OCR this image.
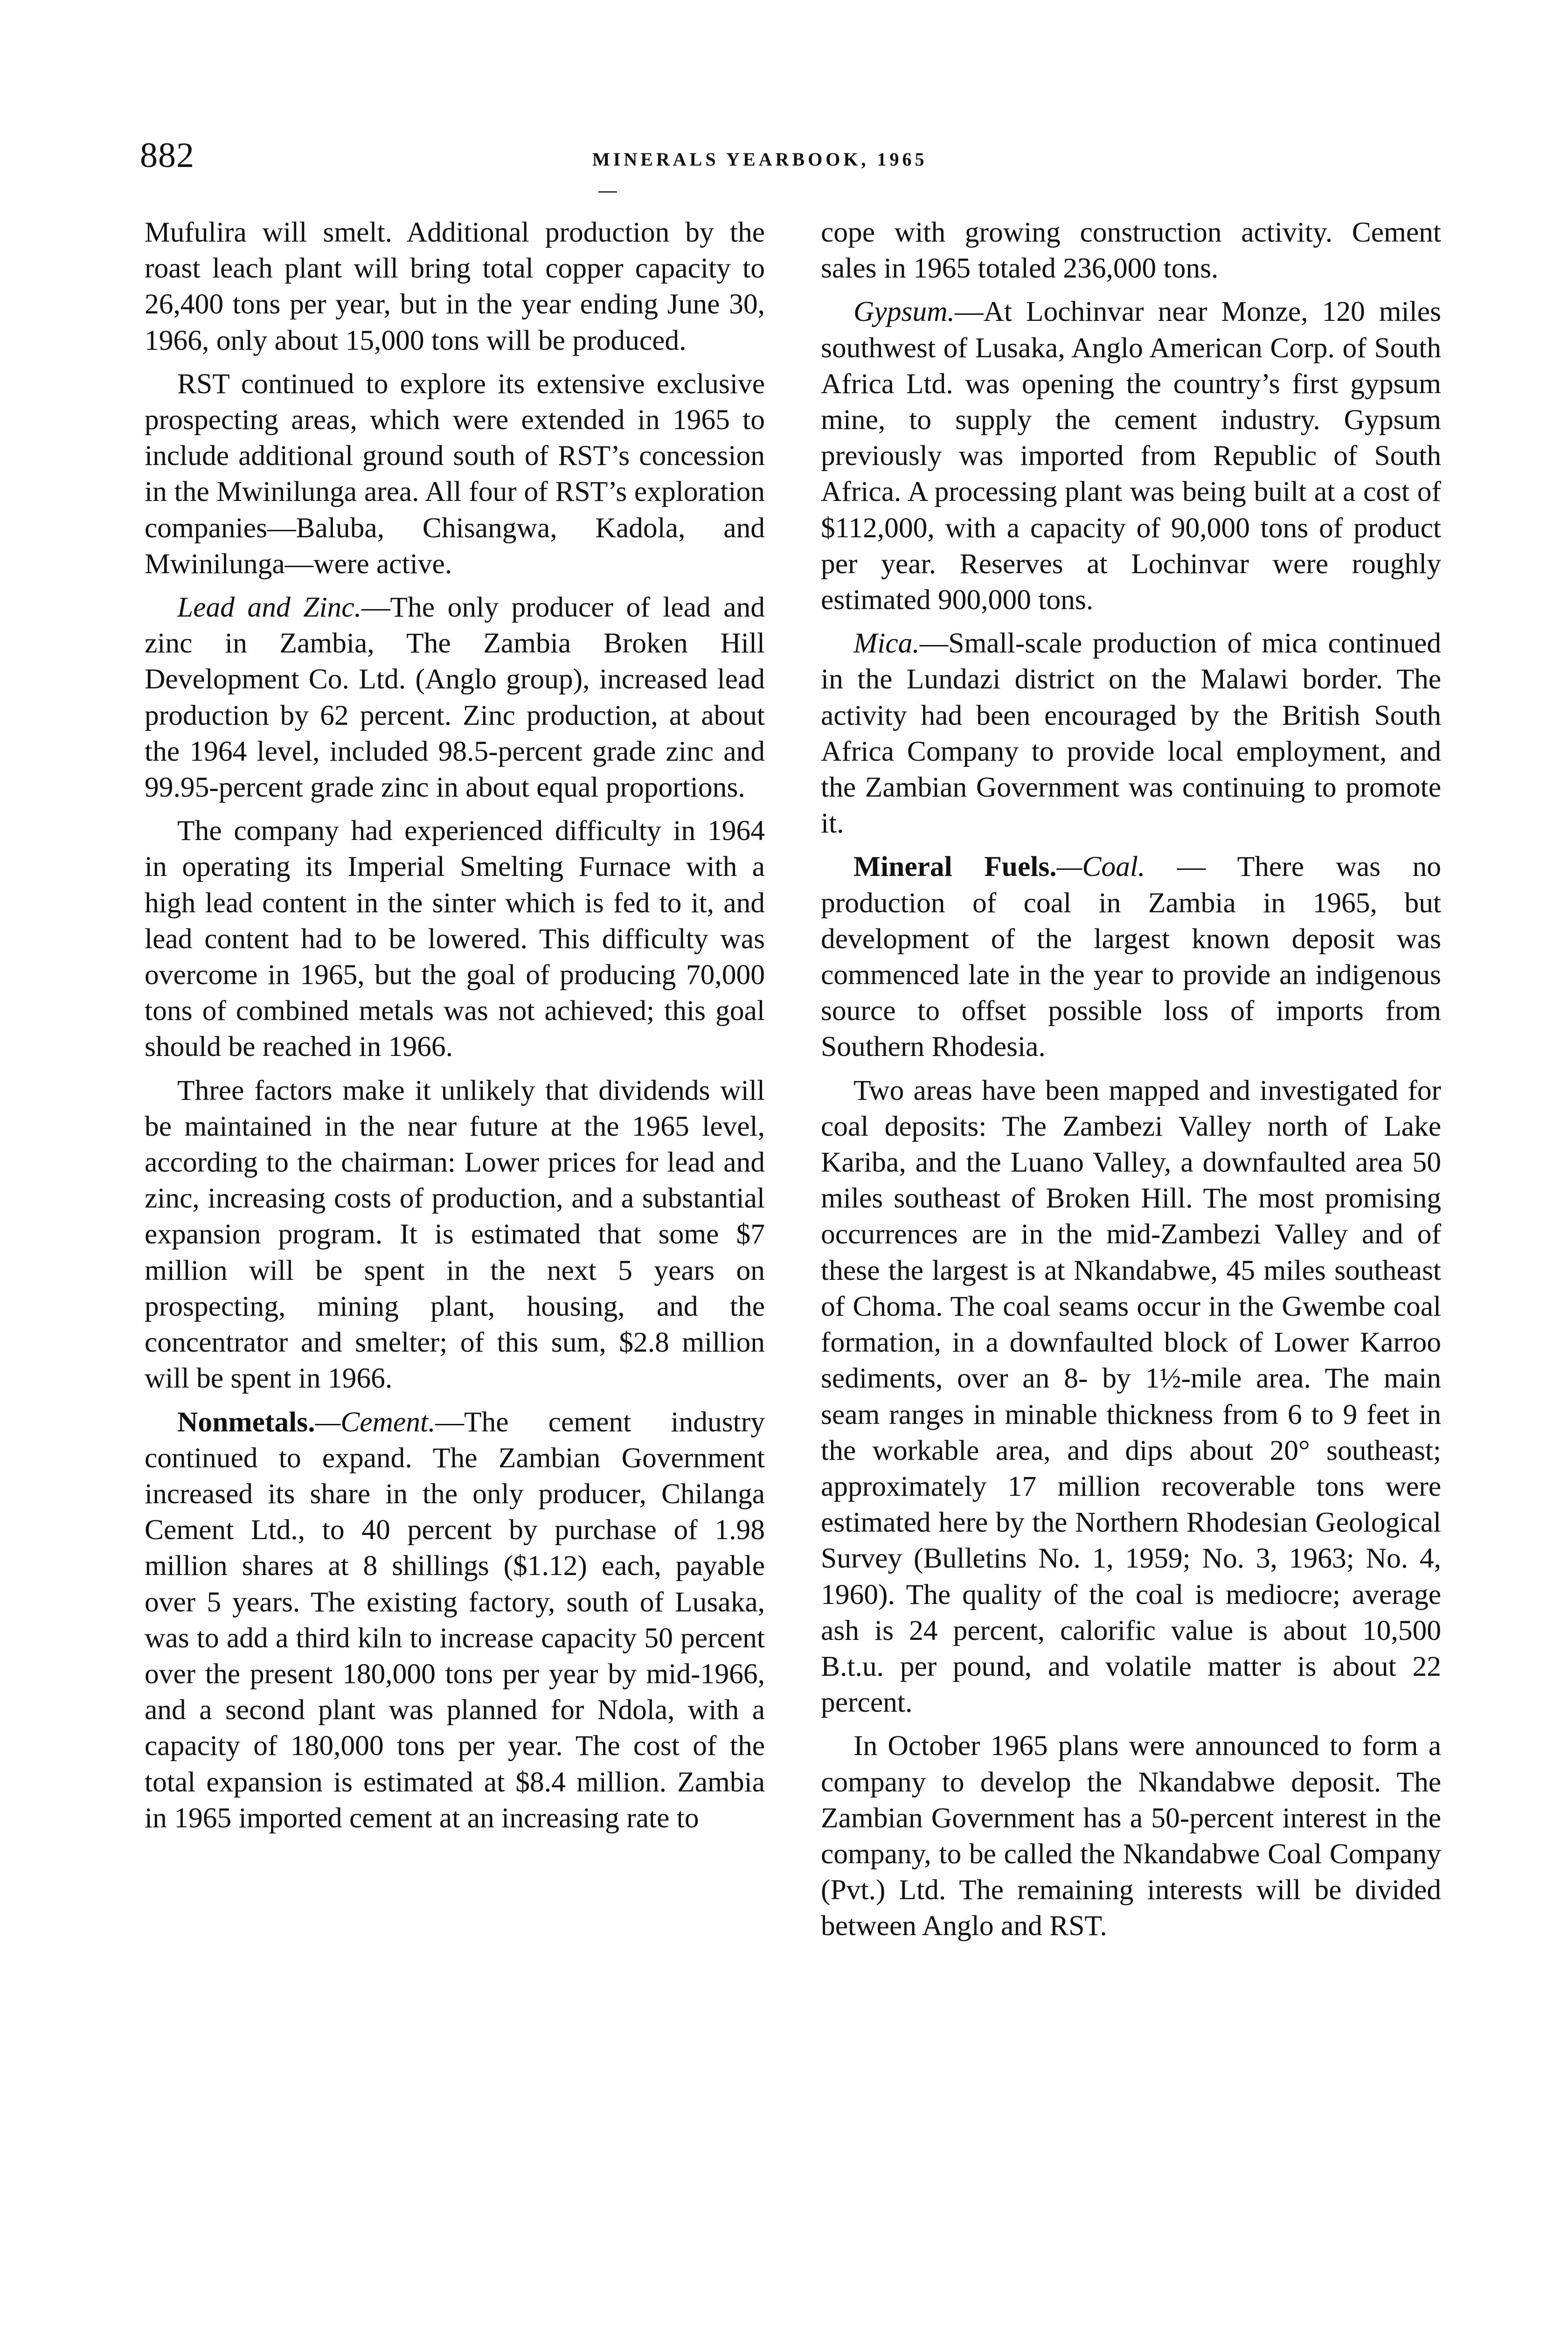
882	MINERALS YEARBOOK, 1965

Mufulira will smelt. Additional production by the roast leach plant will bring total copper capacity to 26,400 tons per year, but in the year ending June 30, 1966, only about 15,000 tons will be produced.

RST continued to explore its extensive exclusive prospecting areas, which were extended in 1965 to include additional ground south of RST’s concession in the Mwinilunga area. All four of RST’s exploration companies—Baluba, Chisangwa, Kadola, and Mwinilunga—were active.

Lead and Zinc.—The only producer of lead and zinc in Zambia, The Zambia Broken Hill Development Co. Ltd. (Anglo group), increased lead production by 62 percent. Zinc production, at about the 1964 level, included 98.5-percent grade zinc and 99.95-percent grade zinc in about equal proportions.

The company had experienced difficulty in 1964 in operating its Imperial Smelting Furnace with a high lead content in the sinter which is fed to it, and lead content had to be lowered. This difficulty was overcome in 1965, but the goal of producing 70,000 tons of combined metals was not achieved; this goal should be reached in 1966.

Three factors make it unlikely that dividends will be maintained in the near future at the 1965 level, according to the chairman: Lower prices for lead and zinc, increasing costs of production, and a substantial expansion program. It is estimated that some $7 million will be spent in the next 5 years on prospecting, mining plant, housing, and the concentrator and smelter; of this sum, $2.8 million will be spent in 1966.

Nonmetals.—Cement.—The cement industry continued to expand. The Zambian Government increased its share in the only producer, Chilanga Cement Ltd., to 40 percent by purchase of 1.98 million shares at 8 shillings ($1.12) each, payable over 5 years. The existing factory, south of Lusaka, was to add a third kiln to increase capacity 50 percent over the present 180,000 tons per year by mid-1966, and a second plant was planned for Ndola, with a capacity of 180,000 tons per year. The cost of the total expansion is estimated at $8.4 million. Zambia in 1965 imported cement at an increasing rate to

cope with growing construction activity. Cement sales in 1965 totaled 236,000 tons.

Gypsum.—At Lochinvar near Monze, 120 miles southwest of Lusaka, Anglo American Corp. of South Africa Ltd. was opening the country’s first gypsum mine, to supply the cement industry. Gypsum previously was imported from Republic of South Africa. A processing plant was being built at a cost of $112,000, with a capacity of 90,000 tons of product per year. Reserves at Lochinvar were roughly estimated 900,000 tons.

Mica.—Small-scale production of mica continued in the Lundazi district on the Malawi border. The activity had been encouraged by the British South Africa Company to provide local employment, and the Zambian Government was continuing to promote it.

Mineral Fuels.—Coal. — There was no production of coal in Zambia in 1965, but development of the largest known deposit was commenced late in the year to provide an indigenous source to offset possible loss of imports from Southern Rhodesia.

Two areas have been mapped and investigated for coal deposits: The Zambezi Valley north of Lake Kariba, and the Luano Valley, a downfaulted area 50 miles southeast of Broken Hill. The most promising occurrences are in the mid-Zambezi Valley and of these the largest is at Nkandabwe, 45 miles southeast of Choma. The coal seams occur in the Gwembe coal formation, in a downfaulted block of Lower Karroo sediments, over an 8- by 1½-mile area. The main seam ranges in minable thickness from 6 to 9 feet in the workable area, and dips about 20° southeast; approximately 17 million recoverable tons were estimated here by the Northern Rhodesian Geological Survey (Bulletins No. 1, 1959; No. 3, 1963; No. 4, 1960). The quality of the coal is mediocre; average ash is 24 percent, calorific value is about 10,500 B.t.u. per pound, and volatile matter is about 22 percent.

In October 1965 plans were announced to form a company to develop the Nkandabwe deposit. The Zambian Government has a 50-percent interest in the company, to be called the Nkandabwe Coal Company (Pvt.) Ltd. The remaining interests will be divided between Anglo and RST.
